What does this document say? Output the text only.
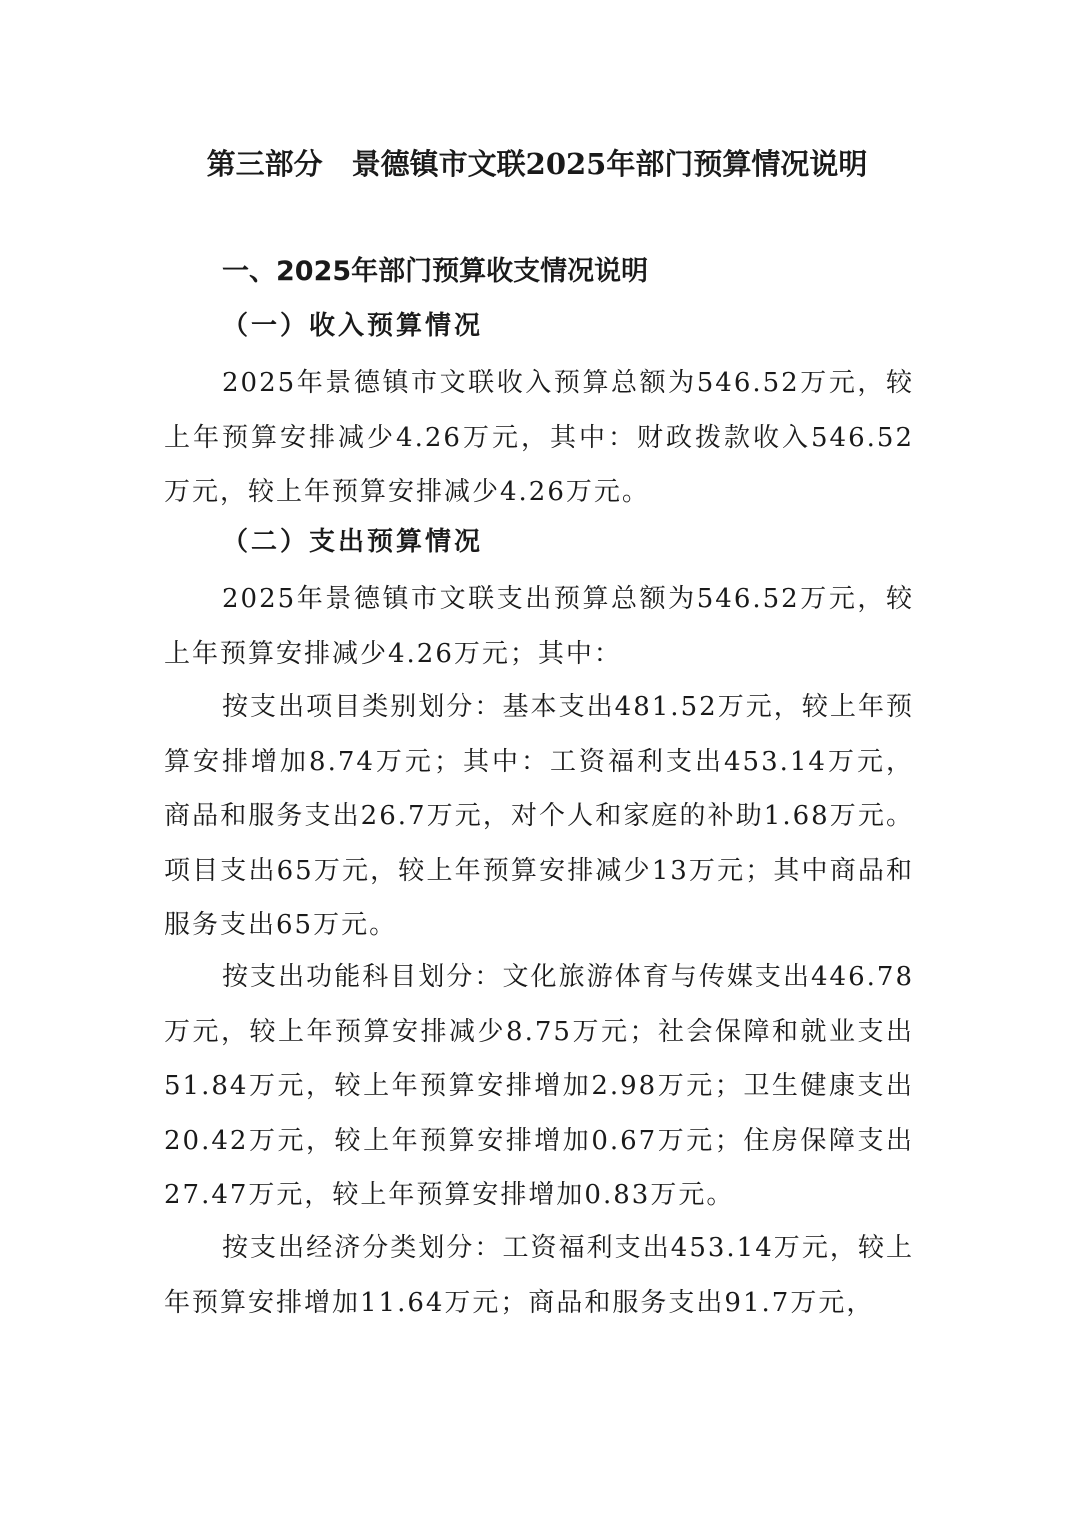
第三部分　景德镇市文联2025年部门预算情况说明
一、2025年部门预算收支情况说明
（一）收入预算情况
2025年景德镇市文联收入预算总额为546.52万元，较上年预算安排减少4.26万元，其中：财政拨款收入546.52万元，较上年预算安排减少4.26万元。
（二）支出预算情况
2025年景德镇市文联支出预算总额为546.52万元，较上年预算安排减少4.26万元；其中：
按支出项目类别划分：基本支出481.52万元，较上年预算安排增加8.74万元；其中：工资福利支出453.14万元，商品和服务支出26.7万元，对个人和家庭的补助1.68万元。项目支出65万元，较上年预算安排减少13万元；其中商品和服务支出65万元。
按支出功能科目划分：文化旅游体育与传媒支出446.78万元，较上年预算安排减少8.75万元；社会保障和就业支出51.84万元，较上年预算安排增加2.98万元；卫生健康支出20.42万元，较上年预算安排增加0.67万元；住房保障支出27.47万元，较上年预算安排增加0.83万元。
按支出经济分类划分：工资福利支出453.14万元，较上年预算安排增加11.64万元；商品和服务支出91.7万元，
